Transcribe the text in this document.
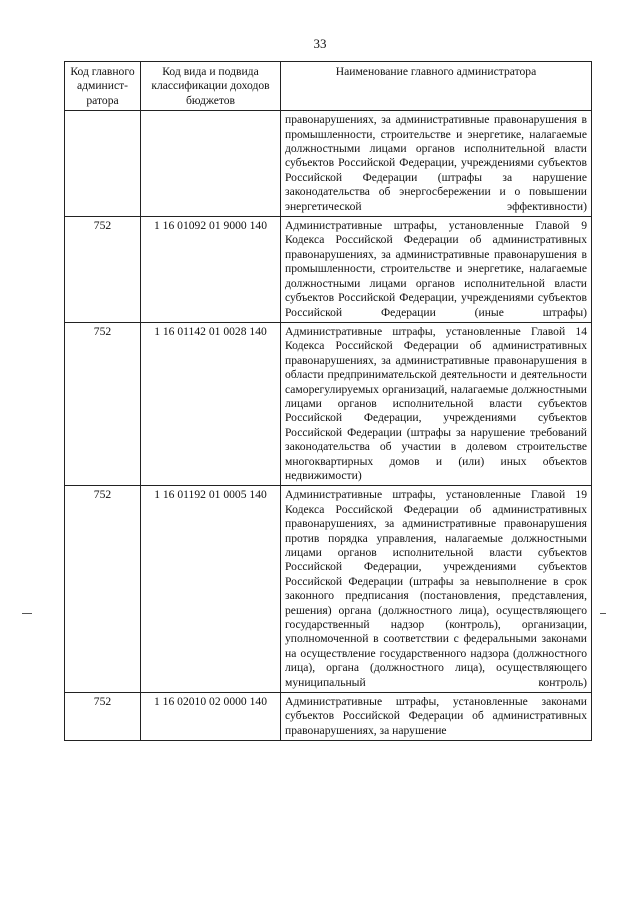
33
Код главного админист-ратора	Код вида и подвида классификации доходов бюджетов	Наименование главного администратора
		правонарушениях, за административные правонарушения в промышленности, строительстве и энергетике, налагаемые должностными лицами органов исполнительной власти субъектов Российской Федерации, учреждениями субъектов Российской Федерации (штрафы за нарушение законодательства об энергосбережении и о повышении энергетической эффективности)
752	1 16 01092 01 9000 140	Административные штрафы, установленные Главой 9 Кодекса Российской Федерации об административных правонарушениях, за административные правонарушения в промышленности, строительстве и энергетике, налагаемые должностными лицами органов исполнительной власти субъектов Российской Федерации, учреждениями субъектов Российской Федерации (иные штрафы)
752	1 16 01142 01 0028 140	Административные штрафы, установленные Главой 14 Кодекса Российской Федерации об административных правонарушениях, за административные правонарушения в области предпринимательской деятельности и деятельности саморегулируемых организаций, налагаемые должностными лицами органов исполнительной власти субъектов Российской Федерации, учреждениями субъектов Российской Федерации (штрафы за нарушение требований законодательства об участии в долевом строительстве многоквартирных домов и (или) иных объектов недвижимости)
752	1 16 01192 01 0005 140	Административные штрафы, установленные Главой 19 Кодекса Российской Федерации об административных правонарушениях, за административные правонарушения против порядка управления, налагаемые должностными лицами органов исполнительной власти субъектов Российской Федерации, учреждениями субъектов Российской Федерации (штрафы за невыполнение в срок законного предписания (постановления, представления, решения) органа (должностного лица), осуществляющего государственный надзор (контроль), организации, уполномоченной в соответствии с федеральными законами на осуществление государственного надзора (должностного лица), органа (должностного лица), осуществляющего муниципальный контроль)
752	1 16 02010 02 0000 140	Административные штрафы, установленные законами субъектов Российской Федерации об административных правонарушениях, за нарушение
